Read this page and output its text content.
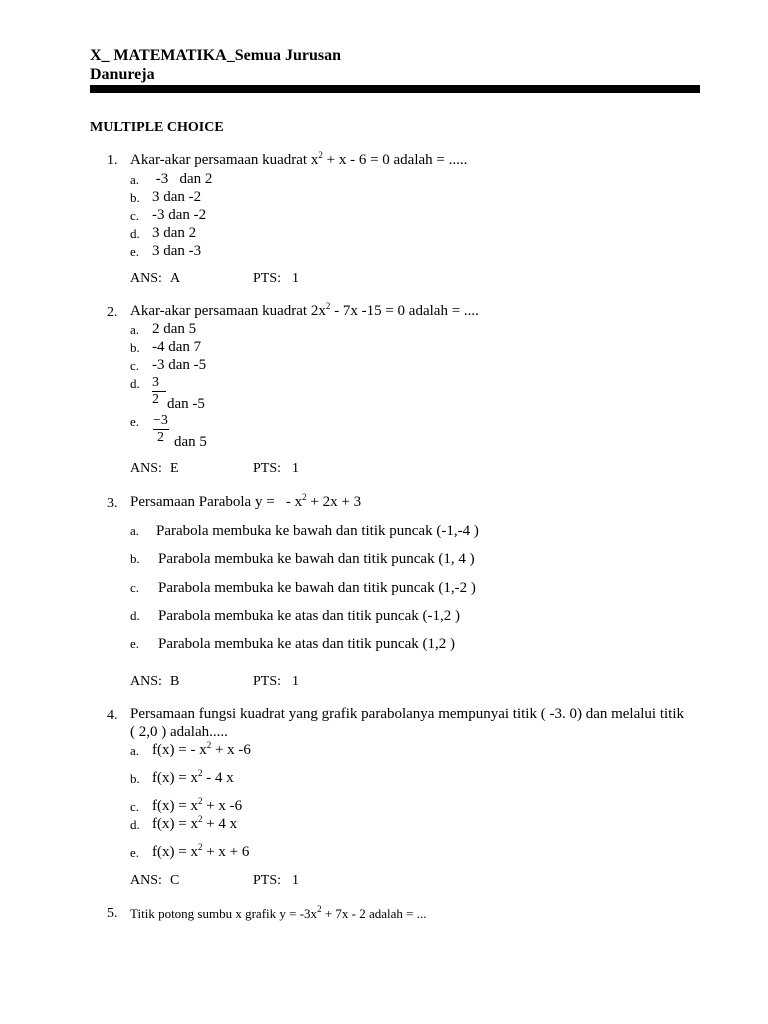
X_ MATEMATIKA_Semua Jurusan
Danureja
MULTIPLE CHOICE
1. Akar-akar persamaan kuadrat $x^2 + x - 6 = 0$ adalah = .....
a. -3   dan 2
b. 3 dan -2
c. -3 dan -2
d. 3 dan 2
e. 3 dan -3
ANS: A	PTS: 1
2. Akar-akar persamaan kuadrat $2x^2 - 7x$ -15 = 0 adalah = ....
a. 2 dan 5
b. -4 dan 7
c. -3 dan -5
d. 3
2 dan -5
e. −3
2 dan 5
ANS: E	PTS: 1
3. Persamaan Parabola y =   - $x^2 + 2x + 3$
a. Parabola membuka ke bawah dan titik puncak (-1,-4 )
b. Parabola membuka ke bawah dan titik puncak (1, 4 )
c. Parabola membuka ke bawah dan titik puncak (1,-2 )
d. Parabola membuka ke atas dan titik puncak (-1,2 )
e. Parabola membuka ke atas dan titik puncak (1,2 )
ANS: B	PTS: 1
4. Persamaan fungsi kuadrat yang grafik parabolanya mempunyai titik ( -3. 0) dan melalui titik
( 2,0 ) adalah.....
a. f(x) = - $x^2 + x$ -6
b. $f(x) = x^2 - 4$ x
c. $f(x) = x^2 + x$ -6
d. $f(x) = x^2 + 4$ x
e. $f(x) = x^2 + x + 6$
ANS: C	PTS: 1
5. Titik potong sumbu x grafik $y = -3x^2 + 7x - 2$ adalah = ...
